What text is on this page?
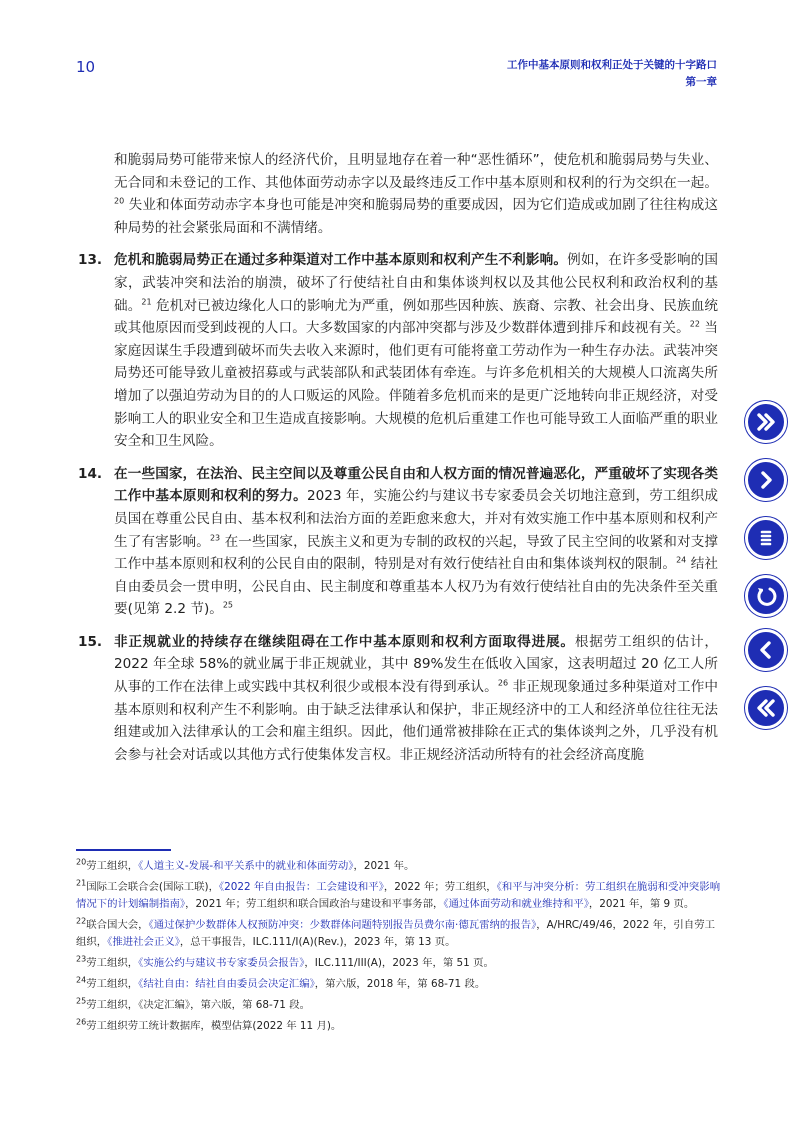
10	工作中基本原则和权利正处于关键的十字路口
第一章

和脆弱局势可能带来惊人的经济代价，且明显地存在着一种“恶性循环”，使危机和脆弱局势与失业、无合同和未登记的工作、其他体面劳动赤字以及最终违反工作中基本原则和权利的行为交织在一起。$^{20}$ 失业和体面劳动赤字本身也可能是冲突和脆弱局势的重要成因，因为它们造成或加剧了往往构成这种局势的社会紧张局面和不满情绪。

13. 危机和脆弱局势正在通过多种渠道对工作中基本原则和权利产生不利影响。例如，在许多受影响的国家，武装冲突和法治的崩溃，破坏了行使结社自由和集体谈判权以及其他公民权利和政治权利的基础。$^{21}$ 危机对已被边缘化人口的影响尤为严重，例如那些因种族、族裔、宗教、社会出身、民族血统或其他原因而受到歧视的人口。大多数国家的内部冲突都与涉及少数群体遭到排斥和歧视有关。$^{22}$ 当家庭因谋生手段遭到破坏而失去收入来源时，他们更有可能将童工劳动作为一种生存办法。武装冲突局势还可能导致儿童被招募或与武装部队和武装团体有牵连。与许多危机相关的大规模人口流离失所增加了以强迫劳动为目的的人口贩运的风险。伴随着多危机而来的是更广泛地转向非正规经济，对受影响工人的职业安全和卫生造成直接影响。大规模的危机后重建工作也可能导致工人面临严重的职业安全和卫生风险。

14. 在一些国家，在法治、民主空间以及尊重公民自由和人权方面的情况普遍恶化，严重破坏了实现各类工作中基本原则和权利的努力。2023 年，实施公约与建议书专家委员会关切地注意到，劳工组织成员国在尊重公民自由、基本权利和法治方面的差距愈来愈大，并对有效实施工作中基本原则和权利产生了有害影响。$^{23}$ 在一些国家，民族主义和更为专制的政权的兴起，导致了民主空间的收紧和对支撑工作中基本原则和权利的公民自由的限制，特别是对有效行使结社自由和集体谈判权的限制。$^{24}$ 结社自由委员会一贯申明，公民自由、民主制度和尊重基本人权乃为有效行使结社自由的先决条件至关重要(见第 2.2 节)。$^{25}$

15. 非正规就业的持续存在继续阻碍在工作中基本原则和权利方面取得进展。根据劳工组织的估计，2022 年全球 58%的就业属于非正规就业，其中 89%发生在低收入国家，这表明超过 20 亿工人所从事的工作在法律上或实践中其权利很少或根本没有得到承认。$^{26}$ 非正规现象通过多种渠道对工作中基本原则和权利产生不利影响。由于缺乏法律承认和保护，非正规经济中的工人和经济单位往往无法组建或加入法律承认的工会和雇主组织。因此，他们通常被排除在正式的集体谈判之外，几乎没有机会参与社会对话或以其他方式行使集体发言权。非正规经济活动所特有的社会经济高度脆

$^{20}$劳工组织，《人道主义-发展-和平关系中的就业和体面劳动》，2021 年。

$^{21}$国际工会联合会(国际工联)，《2022 年自由报告：工会建设和平》，2022 年；劳工组织，《和平与冲突分析：劳工组织在脆弱和受冲突影响情况下的计划编制指南》，2021 年；劳工组织和联合国政治与建设和平事务部，《通过体面劳动和就业维持和平》，2021 年，第 9 页。

$^{22}$联合国大会，《通过保护少数群体人权预防冲突：少数群体问题特别报告员费尔南·德瓦雷纳的报告》，A/HRC/49/46，2022 年，引自劳工组织，《推进社会正义》，总干事报告，ILC.111/I(A)(Rev.)，2023 年，第 13 页。

$^{23}$劳工组织，《实施公约与建议书专家委员会报告》，ILC.111/III(A)，2023 年，第 51 页。

$^{24}$劳工组织，《结社自由：结社自由委员会决定汇编》，第六版，2018 年，第 68-71 段。

$^{25}$劳工组织，《决定汇编》，第六版，第 68-71 段。

$^{26}$劳工组织劳工统计数据库，模型估算(2022 年 11 月)。
